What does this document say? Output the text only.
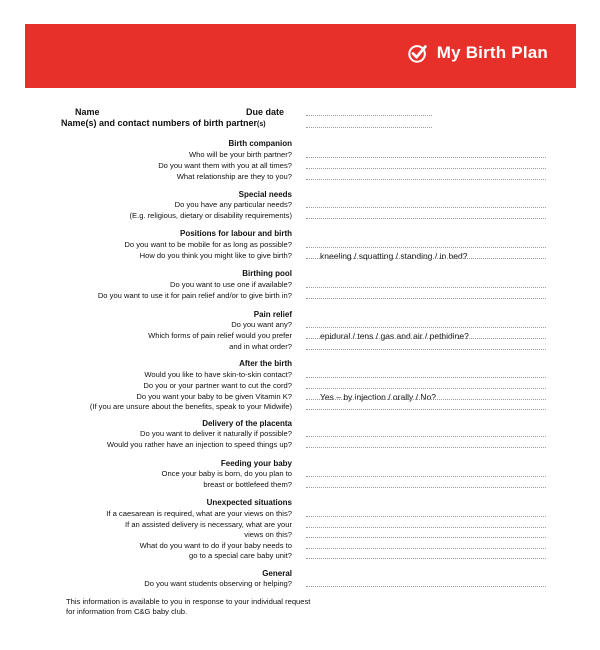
My Birth Plan
Name	Due date
Name(s) and contact numbers of birth partner(s)
Birth companion
Who will be your birth partner?
Do you want them with you at all times?
What relationship are they to you?
Special needs
Do you have any particular needs?
(E.g. religious, dietary or disability requirements)
Positions for labour and birth
Do you want to be mobile for as long as possible?
How do you think you might like to give birth?	kneeling / squatting / standing / in bed?
Birthing pool
Do you want to use one if available?
Do you want to use it for pain relief and/or to give birth in?
Pain relief
Do you want any?
Which forms of pain relief would you prefer	epidural / tens / gas and air / pethidine?
and in what order?
After the birth
Would you like to have skin-to-skin contact?
Do you or your partner want to cut the cord?
Do you want your baby to be given Vitamin K?	Yes – by injection / orally / No?
(If you are unsure about the benefits, speak to your Midwife)
Delivery of the placenta
Do you want to deliver it naturally if possible?
Would you rather have an injection to speed things up?
Feeding your baby
Once your baby is born, do you plan to
breast or bottlefeed them?
Unexpected situations
If a caesarean is required, what are your views on this?
If an assisted delivery is necessary, what are your
views on this?
What do you want to do if your baby needs to
go to a special care baby unit?
General
Do you want students observing or helping?
This information is available to you in response to your individual request
for information from C&G baby club.
